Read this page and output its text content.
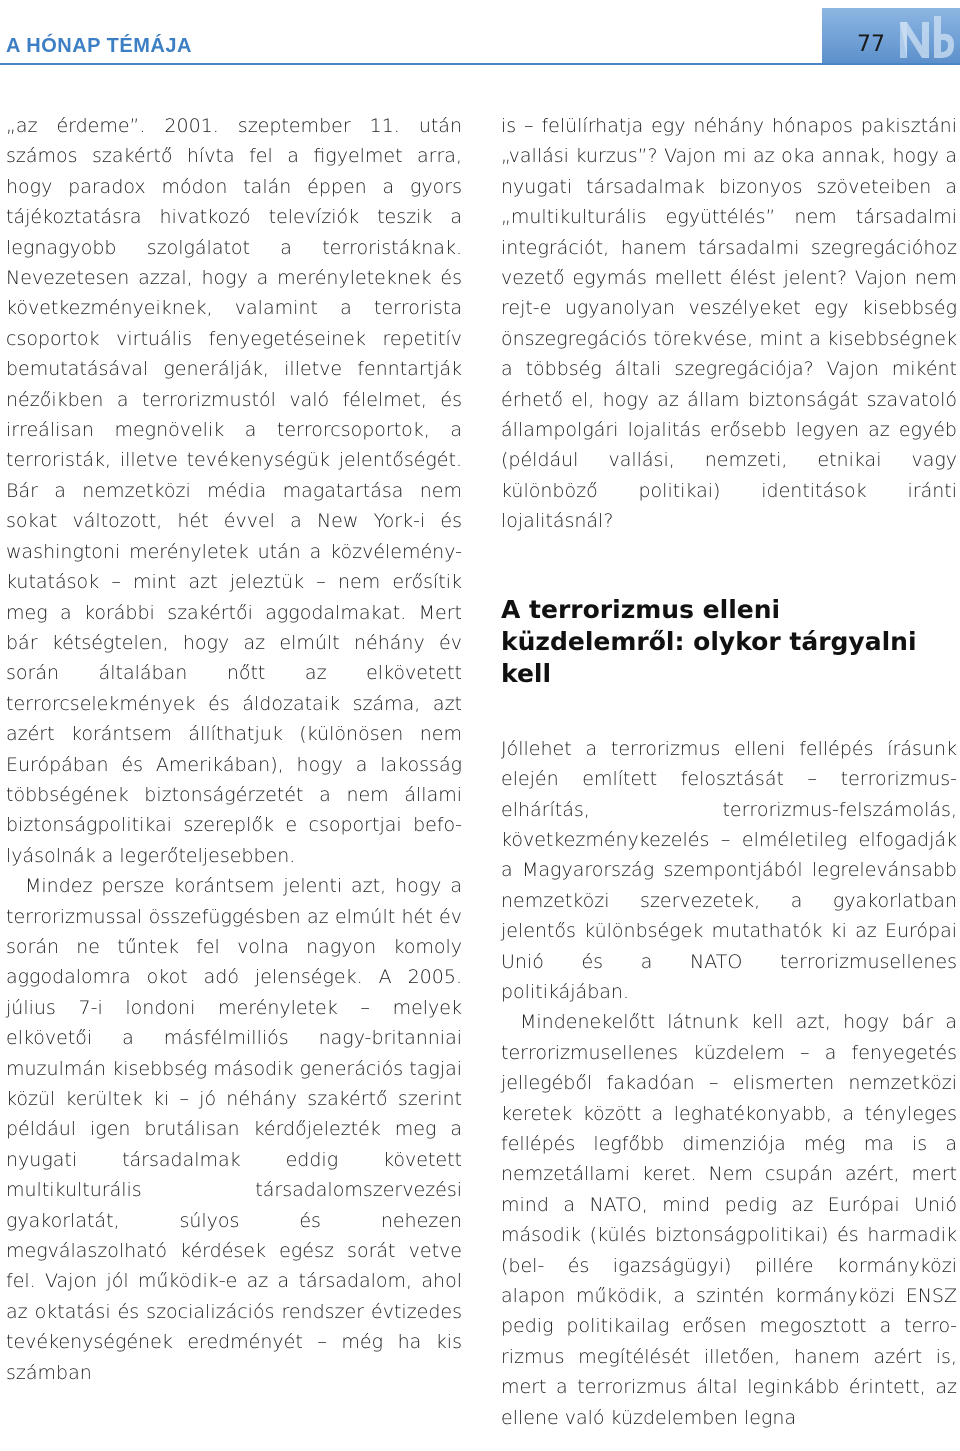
A HÓNAP TÉMÁJA	77

„az érdeme”. 2001. szeptember 11. után számos szakértő hívta fel a figyelmet arra, hogy paradox módon talán éppen a gyors tájékoztatásra hivatkozó televíziók teszik a legnagyobb szolgálatot a terroristáknak. Nevezetesen azzal, hogy a merényleteknek és következményeiknek, valamint a terrorista csoportok virtuális fenyegetéseinek repetitív bemutatásával generálják, illetve fenntartják nézőikben a terrorizmustól való félelmet, és irreálisan megnövelik a terrorcsoportok, a terroristák, illetve tevékenységük jelentőségét. Bár a nemzetközi média magatartása nem sokat változott, hét évvel a New York-i és washingtoni merényletek után a közvélemény-kutatások – mint azt jeleztük – nem erősítik meg a korábbi szakértői aggodalmakat. Mert bár kétségtelen, hogy az elmúlt néhány év során általában nőtt az elkövetett terrorcselekmények és áldozataik száma, azt azért korántsem állíthatjuk (különösen nem Európában és Amerikában), hogy a lakosság többségének biztonságérzetét a nem állami biztonságpolitikai szereplők e csoportjai befolyásolnák a legerőteljesebben.

Mindez persze korántsem jelenti azt, hogy a terrorizmussal összefüggésben az elmúlt hét év során ne tűntek fel volna nagyon komoly aggodalomra okot adó jelenségek. A 2005. július 7-i londoni merényletek – melyek elkövetői a másfélmilliós nagy-britanniai muzulmán kisebbség második generációs tagjai közül kerültek ki – jó néhány szakértő szerint például igen brutálisan kérdőjelezték meg a nyugati társadalmak eddig követett multikulturális társadalomszervezési gyakorlatát, súlyos és nehezen megválaszolható kérdések egész sorát vetve fel. Vajon jól működik-e az a társadalom, ahol az oktatási és szocializációs rendszer évtizedes tevékenységének eredményét – még ha kis számban

is – felülírhatja egy néhány hónapos pakisztáni „vallási kurzus”? Vajon mi az oka annak, hogy a nyugati társadalmak bizonyos szöveteiben a „multikulturális együttélés” nem társadalmi integrációt, hanem társadalmi szegregációhoz vezető egymás mellett élést jelent? Vajon nem rejt-e ugyanolyan veszélyeket egy kisebbség önszegregációs törekvése, mint a kisebbségnek a többség általi szegregációja? Vajon miként érhető el, hogy az állam biztonságát szavatoló állampolgári lojalitás erősebb legyen az egyéb (például vallási, nemzeti, etnikai vagy különböző politikai) identitások iránti lojalitásnál?

A terrorizmus elleni küzdelemről: olykor tárgyalni kell

Jóllehet a terrorizmus elleni fellépés írásunk elején említett felosztását – terrorizmus-elhárítás, terrorizmus-felszámolás, következménykezelés – elméletileg elfogadják a Magyarország szempontjából legrelevánsabb nemzetközi szervezetek, a gyakorlatban jelentős különbségek mutathatók ki az Európai Unió és a NATO terrorizmusellenes politikájában.

Mindenekelőtt látnunk kell azt, hogy bár a terrorizmusellenes küzdelem – a fenyegetés jellegéből fakadóan – elismerten nemzetközi keretek között a leghatékonyabb, a tényleges fellépés legfőbb dimenziója még ma is a nemzetállami keret. Nem csupán azért, mert mind a NATO, mind pedig az Európai Unió második (külés biztonságpolitikai) és harmadik (bel- és igazságügyi) pillére kormányközi alapon működik, a szintén kormányközi ENSZ pedig politikailag erősen megosztott a terrorizmus megítélését illetően, hanem azért is, mert a terrorizmus által leginkább érintett, az ellene való küzdelemben legna
